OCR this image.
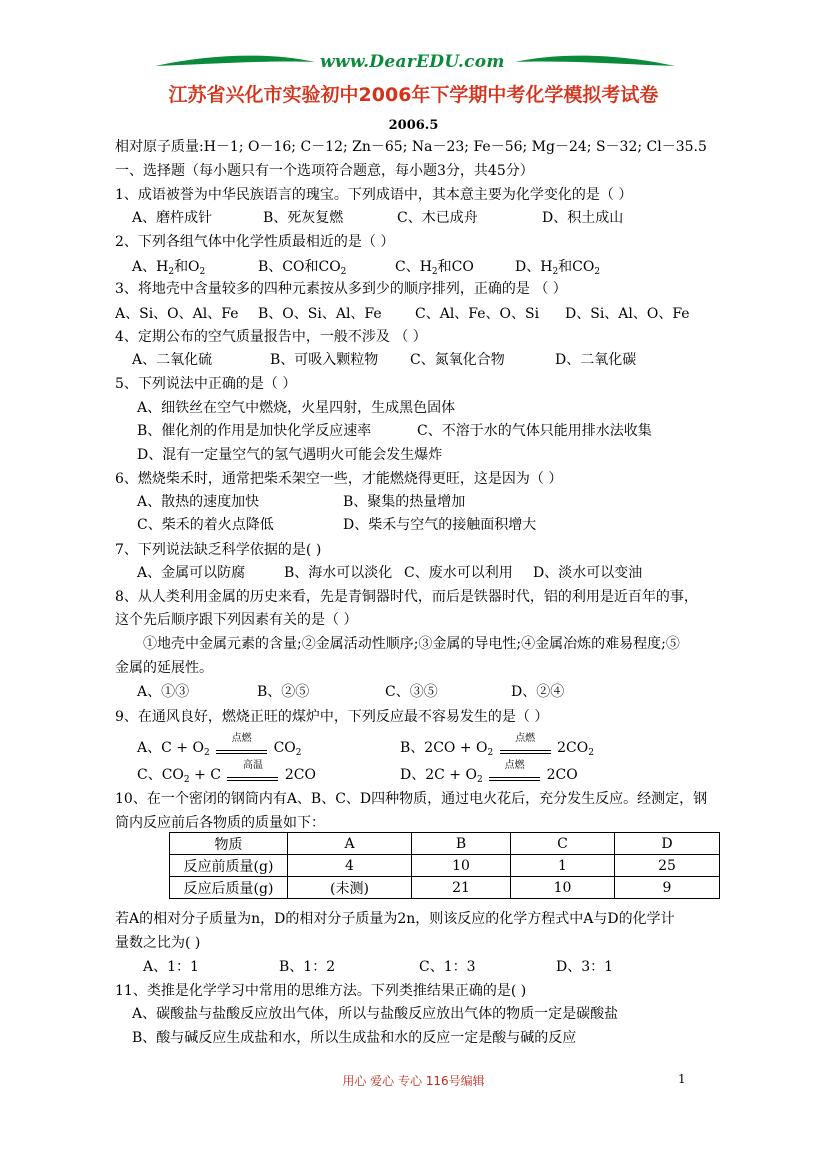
www.DearEDU.com
江苏省兴化市实验初中2006年下学期中考化学模拟考试卷
2006.5
相对原子质量:H－1; O－16; C－12; Zn－65; Na－23; Fe－56; Mg－24; S－32; Cl－35.5
一、选择题（每小题只有一个选项符合题意，每小题3分，共45分）
1、成语被誉为中华民族语言的瑰宝。下列成语中，其本意主要为化学变化的是（ ）
A、磨杵成针	B、死灰复燃	C、木已成舟	D、积土成山
2、下列各组气体中化学性质最相近的是（ ）
A、$H_2$和$O_2$	B、CO和$CO_2$	C、$H_2$和CO	D、$H_2$和$CO_2$
3、将地壳中含量较多的四种元素按从多到少的顺序排列，正确的是 （ ）
A、Si、O、Al、Fe B、O、Si、Al、Fe C、Al、Fe、O、Si D、Si、Al、O、Fe
4、定期公布的空气质量报告中，一般不涉及 （ ）
A、二氧化硫	B、可吸入颗粒物 C、氮氧化合物	D、二氧化碳
5、下列说法中正确的是（ ）
A、细铁丝在空气中燃烧，火星四射，生成黑色固体
B、催化剂的作用是加快化学反应速率	C、不溶于水的气体只能用排水法收集
D、混有一定量空气的氢气遇明火可能会发生爆炸
6、燃烧柴禾时，通常把柴禾架空一些，才能燃烧得更旺，这是因为（ ）
A、散热的速度加快	B、聚集的热量增加
C、柴禾的着火点降低	D、柴禾与空气的接触面积增大
7、下列说法缺乏科学依据的是( )
A、金属可以防腐	B、海水可以淡化 C、废水可以利用 D、淡水可以变油
8、从人类利用金属的历史来看，先是青铜器时代，而后是铁器时代，铝的利用是近百年的事，
这个先后顺序跟下列因素有关的是（ ）
①地壳中金属元素的含量;②金属活动性顺序;③金属的导电性;④金属冶炼的难易程度;⑤
金属的延展性。
A、①③	B、②⑤	C、③⑤	D、②④
9、在通风良好，燃烧正旺的煤炉中，下列反应最不容易发生的是（ ）
A、$C + O_2$
点燃
$CO_2$	B、$2CO + O_2$
点燃
$2CO_2$
C、$CO_2 + C$
高温
2CO	D、$2C + O_2$
点燃
2CO
10、在一个密闭的钢筒内有A、B、C、D四种物质，通过电火花后，充分发生反应。经测定，钢
筒内反应前后各物质的质量如下：
物质	A	B	C	D
反应前质量(g)	4	10	1	25
反应后质量(g)	(未测)	21	10	9
若A的相对分子质量为n，D的相对分子质量为2n，则该反应的化学方程式中A与D的化学计
量数之比为( )
A、1：1	B、1：2	C、1：3	D、3：1
11、类推是化学学习中常用的思维方法。下列类推结果正确的是( )
A、碳酸盐与盐酸反应放出气体，所以与盐酸反应放出气体的物质一定是碳酸盐
B、酸与碱反应生成盐和水，所以生成盐和水的反应一定是酸与碱的反应
用心 爱心 专心 116号编辑	1
